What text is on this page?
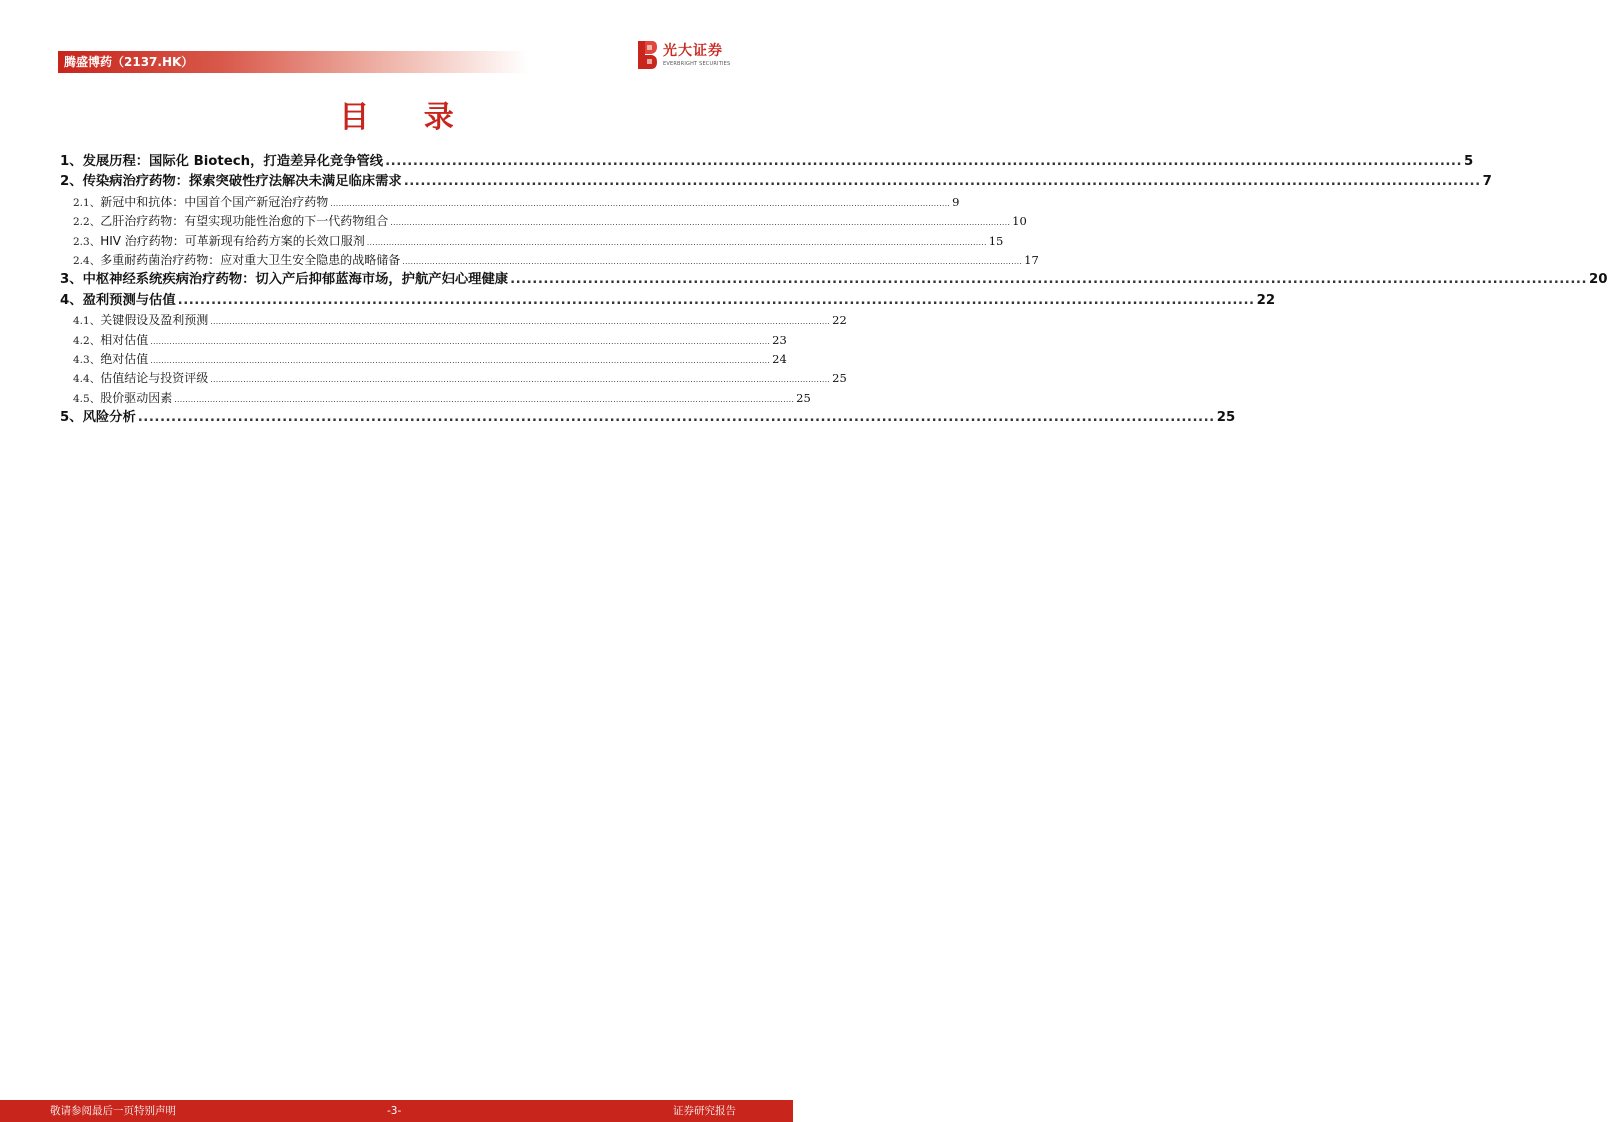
腾盛博药（2137.HK）
光大证券
EVERBRIGHT SECURITIES
目 录
1、 发展历程：国际化 Biotech，打造差异化竞争管线 .................................................................................................................................................................................................. 5
2、 传染病治疗药物：探索突破性疗法解决未满足临床需求 .................................................................................................................................................................................................. 7
2.1、 新冠中和抗体：中国首个国产新冠治疗药物 .................................................................................................................................................................................................................................. 9
2.2、 乙肝治疗药物：有望实现功能性治愈的下一代药物组合 .................................................................................................................................................................................................................................. 10
2.3、 HIV 治疗药物：可革新现有给药方案的长效口服剂 .................................................................................................................................................................................................................................. 15
2.4、 多重耐药菌治疗药物：应对重大卫生安全隐患的战略储备 .................................................................................................................................................................................................................................. 17
3、 中枢神经系统疾病治疗药物：切入产后抑郁蓝海市场，护航产妇心理健康 .................................................................................................................................................................................................. 20
4、 盈利预测与估值 .................................................................................................................................................................................................. 22
4.1、 关键假设及盈利预测 .................................................................................................................................................................................................................................. 22
4.2、 相对估值 .................................................................................................................................................................................................................................. 23
4.3、 绝对估值 .................................................................................................................................................................................................................................. 24
4.4、 估值结论与投资评级 .................................................................................................................................................................................................................................. 25
4.5、 股价驱动因素 .................................................................................................................................................................................................................................. 25
5、 风险分析 .................................................................................................................................................................................................. 25
敬请参阅最后一页特别声明	-3-	证券研究报告
